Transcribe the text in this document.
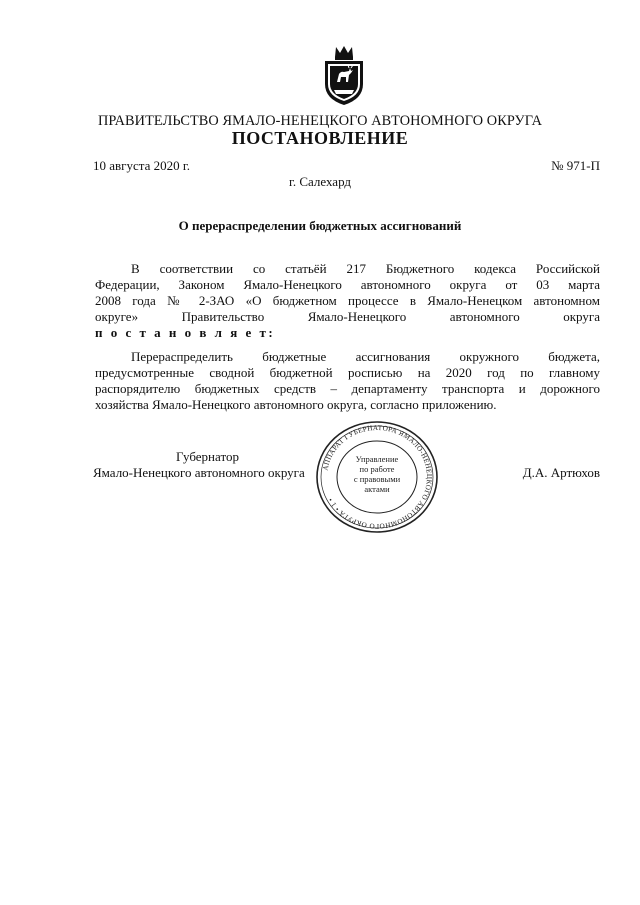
ПРАВИТЕЛЬСТВО ЯМАЛО-НЕНЕЦКОГО АВТОНОМНОГО ОКРУГА
ПОСТАНОВЛЕНИЕ
10 августа 2020 г.	№ 971-П
г. Салехард
О перераспределении бюджетных ассигнований
В соответствии со статьёй 217 Бюджетного кодекса Российской
Федерации, Законом Ямало-Ненецкого автономного округа от 03 марта
2008 года № 2-ЗАО «О бюджетном процессе в Ямало-Ненецком автономном
округе» Правительство Ямало-Ненецкого автономного округа
п о с т а н о в л я е т:
Перераспределить бюджетные ассигнования окружного бюджета,
предусмотренные сводной бюджетной росписью на 2020 год по главному
распорядителю бюджетных средств – департаменту транспорта и дорожного
хозяйства Ямало-Ненецкого автономного округа, согласно приложению.
Губернатор
Ямало-Ненецкого автономного округа	Д.А. Артюхов
АППАРАТ ГУБЕРНАТОРА ЯМАЛО-НЕНЕЦКОГО АВТОНОМНОГО ОКРУГА • 1 •
Управление
по работе
с правовыми
актами
